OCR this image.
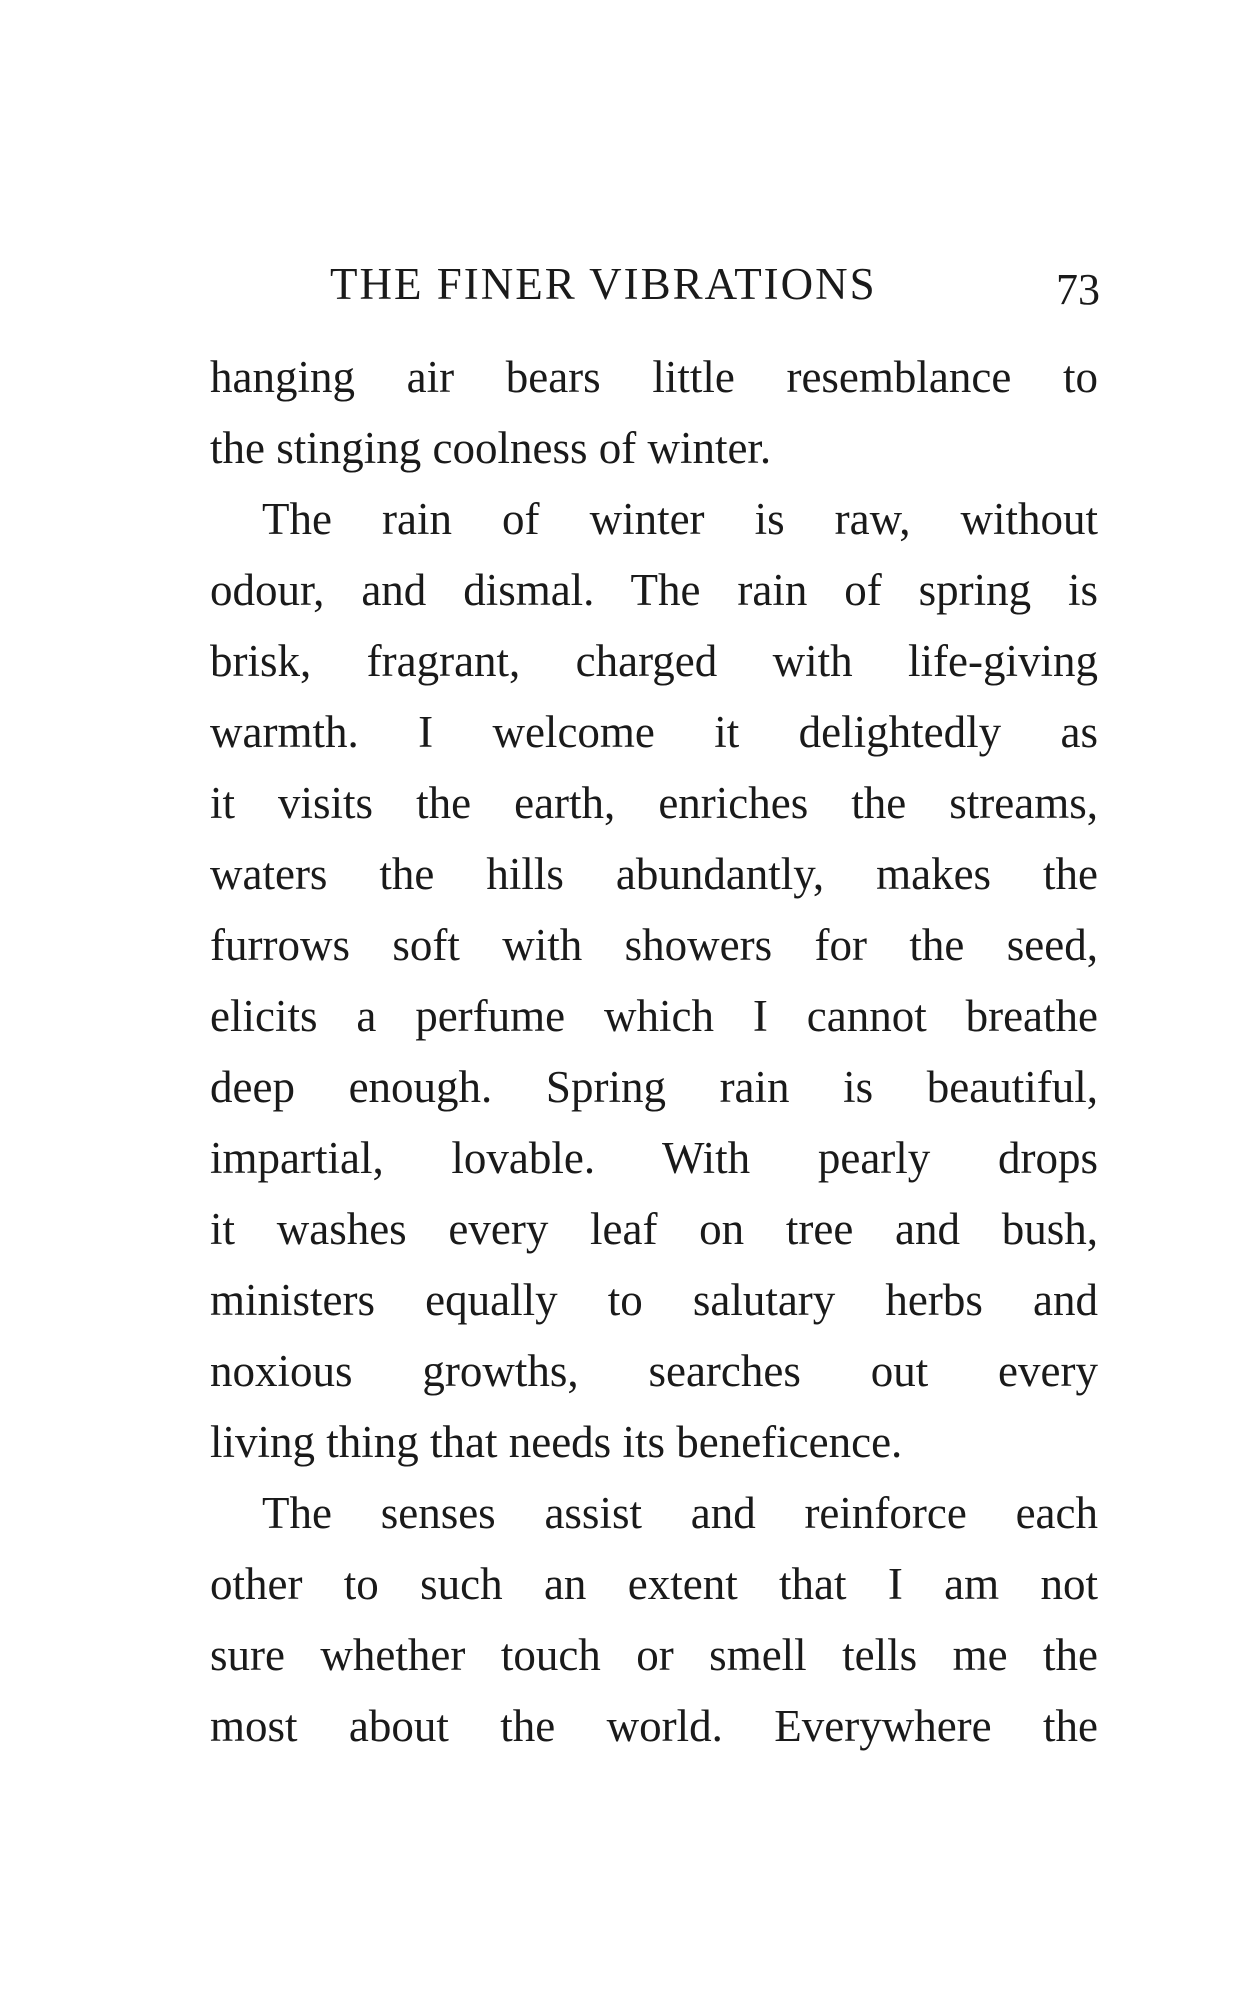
THE FINER VIBRATIONS	73
hanging air bears little resemblance to
the stinging coolness of winter.
The rain of winter is raw, without
odour, and dismal. The rain of spring is
brisk, fragrant, charged with life-giving
warmth. I welcome it delightedly as
it visits the earth, enriches the streams,
waters the hills abundantly, makes the
furrows soft with showers for the seed,
elicits a perfume which I cannot breathe
deep enough. Spring rain is beautiful,
impartial, lovable. With pearly drops
it washes every leaf on tree and bush,
ministers equally to salutary herbs and
noxious growths, searches out every
living thing that needs its beneficence.
The senses assist and reinforce each
other to such an extent that I am not
sure whether touch or smell tells me the
most about the world. Everywhere the
